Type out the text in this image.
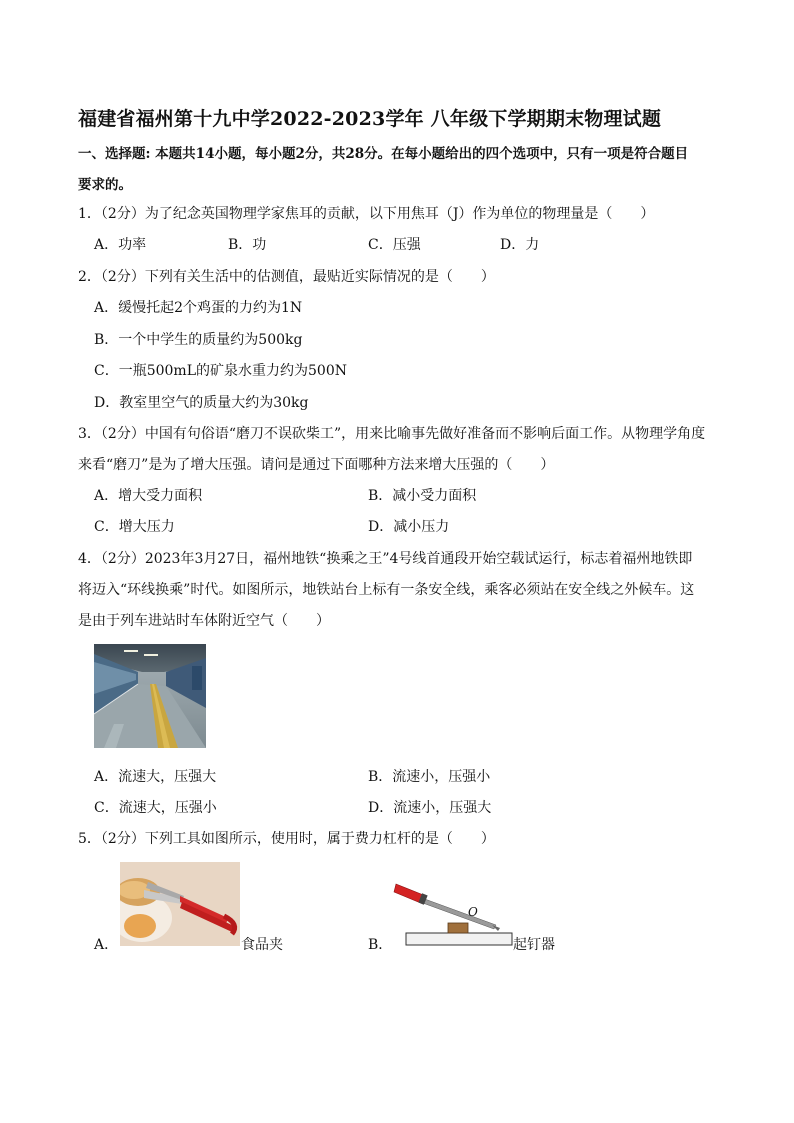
福建省福州第十九中学2022-2023学年 八年级下学期期末物理试题
一、选择题: 本题共14小题，每小题2分，共28分。在每小题给出的四个选项中，只有一项是符合题目
要求的。
1．（2分）为了纪念英国物理学家焦耳的贡献，以下用焦耳（J）作为单位的物理量是（　　）
A．功率	B．功	C．压强	D．力
2．（2分）下列有关生活中的估测值，最贴近实际情况的是（　　）
A．缓慢托起2个鸡蛋的力约为1N
B．一个中学生的质量约为500kg
C．一瓶500mL的矿泉水重力约为500N
D．教室里空气的质量大约为30kg
3．（2分）中国有句俗语“磨刀不误砍柴工”，用来比喻事先做好准备而不影响后面工作。从物理学角度
来看“磨刀”是为了增大压强。请问是通过下面哪种方法来增大压强的（　　）
A．增大受力面积	B．减小受力面积
C．增大压力	D．减小压力
4．（2分）2023年3月27日，福州地铁“换乘之王”4号线首通段开始空载试运行，标志着福州地铁即
将迈入“环线换乘”时代。如图所示，地铁站台上标有一条安全线，乘客必须站在安全线之外候车。这
是由于列车进站时车体附近空气（　　）
A．流速大，压强大	B．流速小，压强小
C．流速大，压强小	D．流速小，压强大
5．（2分）下列工具如图所示，使用时，属于费力杠杆的是（　　）
A．	食品夹	B．
O
起钉器
